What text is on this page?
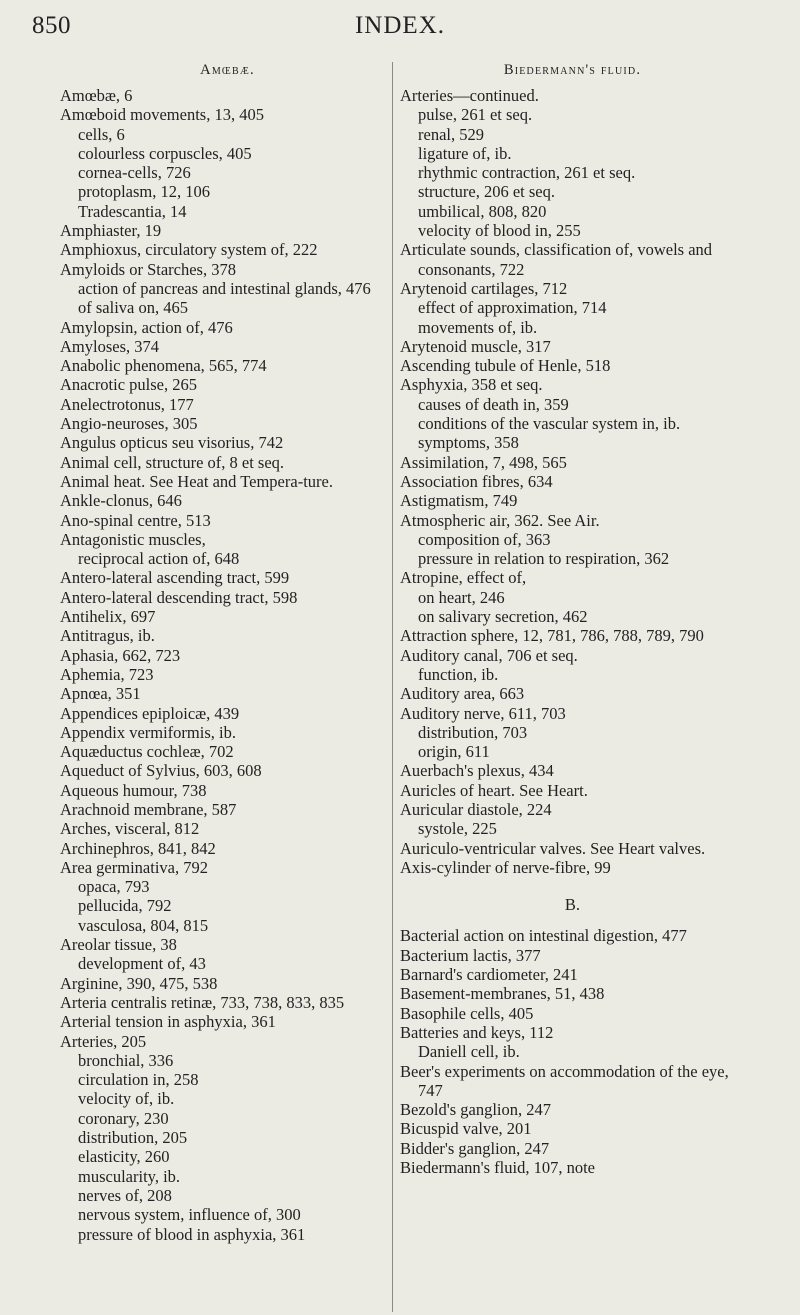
850	INDEX.
Amœbæ.	Biedermann's fluid.

Amœbæ, 6

Amœboid movements, 13, 405

cells, 6

colourless corpuscles, 405

cornea-cells, 726

protoplasm, 12, 106

Tradescantia, 14

Amphiaster, 19

Amphioxus, circulatory system of, 222

Amyloids or Starches, 378

action of pancreas and intestinal glands, 476

of saliva on, 465

Amylopsin, action of, 476

Amyloses, 374

Anabolic phenomena, 565, 774

Anacrotic pulse, 265

Anelectrotonus, 177

Angio-neuroses, 305

Angulus opticus seu visorius, 742

Animal cell, structure of, 8 et seq.

Animal heat. See Heat and Tempera-ture.

Ankle-clonus, 646

Ano-spinal centre, 513

Antagonistic muscles,

reciprocal action of, 648

Antero-lateral ascending tract, 599

Antero-lateral descending tract, 598

Antihelix, 697

Antitragus, ib.

Aphasia, 662, 723

Aphemia, 723

Apnœa, 351

Appendices epiploicæ, 439

Appendix vermiformis, ib.

Aquæductus cochleæ, 702

Aqueduct of Sylvius, 603, 608

Aqueous humour, 738

Arachnoid membrane, 587

Arches, visceral, 812

Archinephros, 841, 842

Area germinativa, 792

opaca, 793

pellucida, 792

vasculosa, 804, 815

Areolar tissue, 38

development of, 43

Arginine, 390, 475, 538

Arteria centralis retinæ, 733, 738, 833, 835

Arterial tension in asphyxia, 361

Arteries, 205

bronchial, 336

circulation in, 258

velocity of, ib.

coronary, 230

distribution, 205

elasticity, 260

muscularity, ib.

nerves of, 208

nervous system, influence of, 300

pressure of blood in asphyxia, 361

Arteries—continued.

pulse, 261 et seq.

renal, 529

ligature of, ib.

rhythmic contraction, 261 et seq.

structure, 206 et seq.

umbilical, 808, 820

velocity of blood in, 255

Articulate sounds, classification of, vowels and consonants, 722

Arytenoid cartilages, 712

effect of approximation, 714

movements of, ib.

Arytenoid muscle, 317

Ascending tubule of Henle, 518

Asphyxia, 358 et seq.

causes of death in, 359

conditions of the vascular system in, ib.

symptoms, 358

Assimilation, 7, 498, 565

Association fibres, 634

Astigmatism, 749

Atmospheric air, 362. See Air.

composition of, 363

pressure in relation to respiration, 362

Atropine, effect of,

on heart, 246

on salivary secretion, 462

Attraction sphere, 12, 781, 786, 788, 789, 790

Auditory canal, 706 et seq.

function, ib.

Auditory area, 663

Auditory nerve, 611, 703

distribution, 703

origin, 611

Auerbach's plexus, 434

Auricles of heart. See Heart.

Auricular diastole, 224

systole, 225

Auriculo-ventricular valves. See Heart valves.

Axis-cylinder of nerve-fibre, 99

B.

Bacterial action on intestinal digestion, 477

Bacterium lactis, 377

Barnard's cardiometer, 241

Basement-membranes, 51, 438

Basophile cells, 405

Batteries and keys, 112

Daniell cell, ib.

Beer's experiments on accommodation of the eye, 747

Bezold's ganglion, 247

Bicuspid valve, 201

Bidder's ganglion, 247

Biedermann's fluid, 107, note
